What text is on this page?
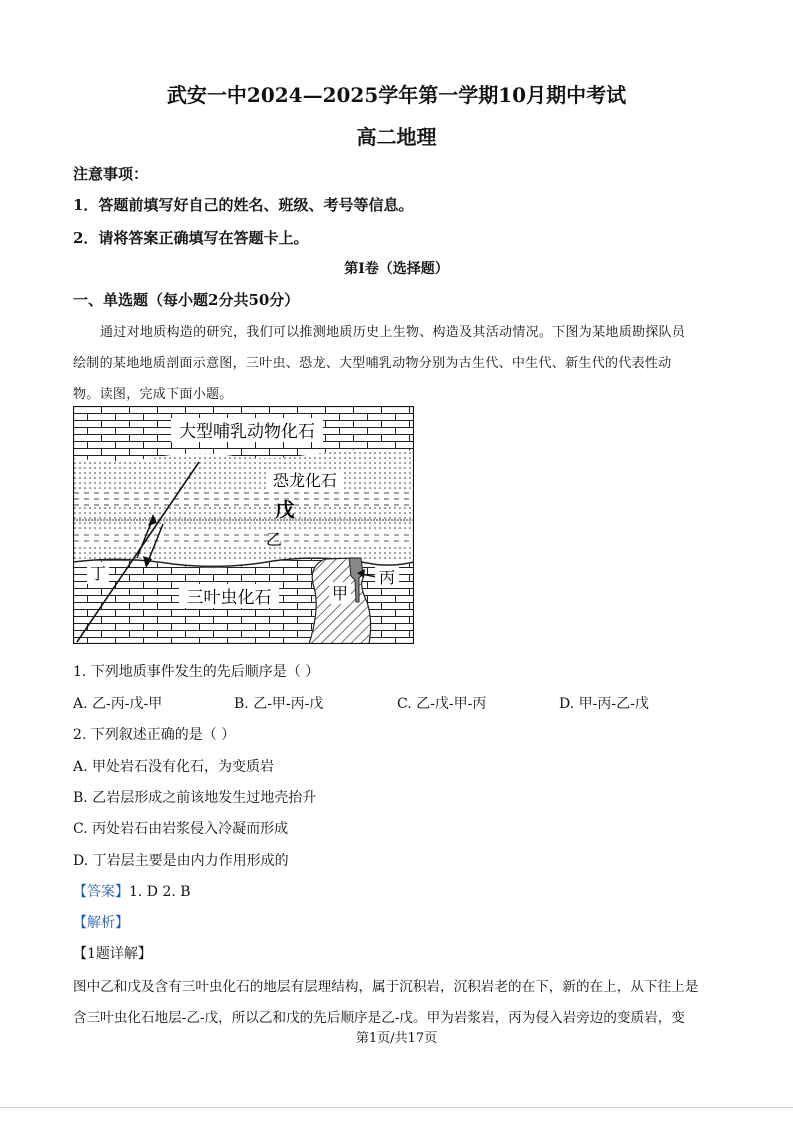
武安一中2024—2025学年第一学期10月期中考试
高二地理
注意事项：
1．答题前填写好自己的姓名、班级、考号等信息。
2．请将答案正确填写在答题卡上。
第I卷（选择题）
一、单选题（每小题2分共50分）
通过对地质构造的研究，我们可以推测地质历史上生物、构造及其活动情况。下图为某地质勘探队员
绘制的某地地质剖面示意图，三叶虫、恐龙、大型哺乳动物分别为古生代、中生代、新生代的代表性动
物。读图，完成下面小题。
大型哺乳动物化石
恐龙化石
戊
乙
丁
三叶虫化石	甲
丙
1. 下列地质事件发生的先后顺序是（ ）
A. 乙-丙-戊-甲	B. 乙-甲-丙-戊	C. 乙-戊-甲-丙	D. 甲-丙-乙-戊
2. 下列叙述正确的是（ ）
A. 甲处岩石没有化石，为变质岩
B. 乙岩层形成之前该地发生过地壳抬升
C. 丙处岩石由岩浆侵入冷凝而形成
D. 丁岩层主要是由内力作用形成的
【答案】1. D 2. B
【解析】
【1题详解】
图中乙和戊及含有三叶虫化石的地层有层理结构，属于沉积岩，沉积岩老的在下，新的在上，从下往上是
含三叶虫化石地层-乙-戊，所以乙和戊的先后顺序是乙-戊。甲为岩浆岩，丙为侵入岩旁边的变质岩，变
第1页/共17页
